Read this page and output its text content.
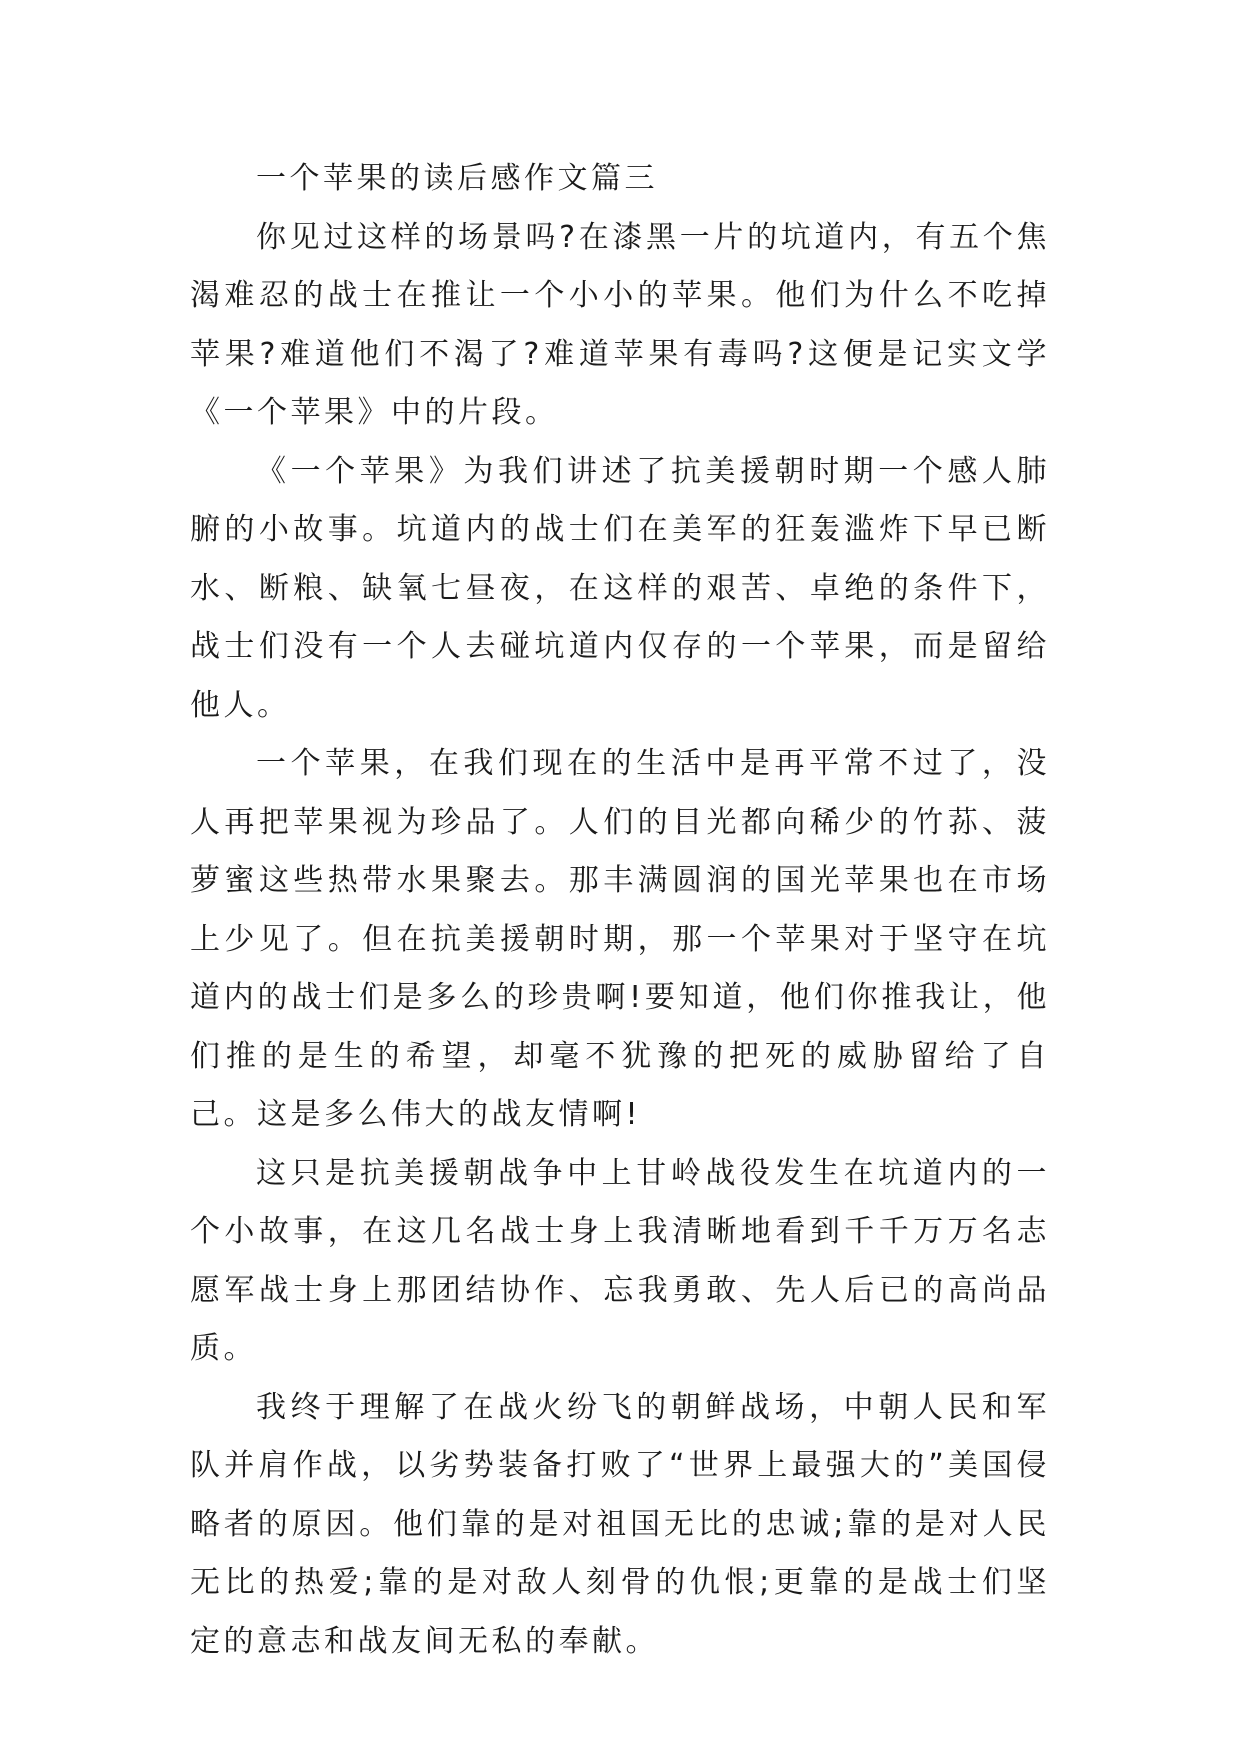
一个苹果的读后感作文篇三

你见过这样的场景吗?在漆黑一片的坑道内，有五个焦渴难忍的战士在推让一个小小的苹果。他们为什么不吃掉苹果?难道他们不渴了?难道苹果有毒吗?这便是记实文学《一个苹果》中的片段。

《一个苹果》为我们讲述了抗美援朝时期一个感人肺腑的小故事。坑道内的战士们在美军的狂轰滥炸下早已断水、断粮、缺氧七昼夜，在这样的艰苦、卓绝的条件下，战士们没有一个人去碰坑道内仅存的一个苹果，而是留给他人。

一个苹果，在我们现在的生活中是再平常不过了，没人再把苹果视为珍品了。人们的目光都向稀少的竹荪、菠萝蜜这些热带水果聚去。那丰满圆润的国光苹果也在市场上少见了。但在抗美援朝时期，那一个苹果对于坚守在坑道内的战士们是多么的珍贵啊!要知道，他们你推我让，他们推的是生的希望，却毫不犹豫的把死的威胁留给了自己。这是多么伟大的战友情啊!

这只是抗美援朝战争中上甘岭战役发生在坑道内的一个小故事，在这几名战士身上我清晰地看到千千万万名志愿军战士身上那团结协作、忘我勇敢、先人后已的高尚品质。

我终于理解了在战火纷飞的朝鲜战场，中朝人民和军队并肩作战，以劣势装备打败了“世界上最强大的”美国侵略者的原因。他们靠的是对祖国无比的忠诚;靠的是对人民无比的热爱;靠的是对敌人刻骨的仇恨;更靠的是战士们坚定的意志和战友间无私的奉献。
